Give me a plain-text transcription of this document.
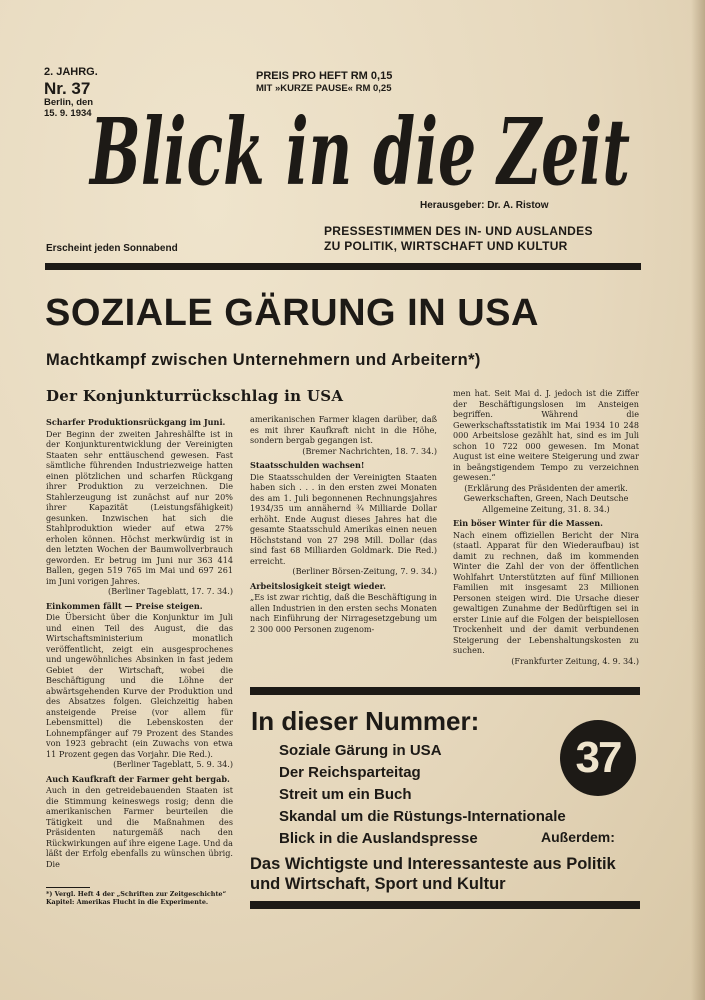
2. JAHRG.
Nr. 37
Berlin, den
15. 9. 1934
PREIS PRO HEFT RM 0,15
MIT »KURZE PAUSE« RM 0,25
Blick in die Zeit
Herausgeber: Dr. A. Ristow
PRESSESTIMMEN DES IN- UND AUSLANDES
ZU POLITIK, WIRTSCHAFT UND KULTUR
Erscheint jeden Sonnabend
SOZIALE GÄRUNG IN USA
Machtkampf zwischen Unternehmern und Arbeitern*)
Der Konjunkturrückschlag in USA

Scharfer Produktionsrückgang im Juni.

Der Beginn der zweiten Jahreshälfte ist in der Konjunkturentwicklung der Vereinigten Staaten sehr enttäuschend gewesen. Fast sämtliche führenden Industriezweige hatten einen plötzlichen und scharfen Rückgang ihrer Produktion zu verzeichnen. Die Stahlerzeugung ist zunächst auf nur 20% ihrer Kapazität (Leistungsfähigkeit) gesunken. Inzwischen hat sich die Stahlproduktion wieder auf etwa 27% erholen können. Höchst merkwürdig ist in den letzten Wochen der Baumwollverbrauch geworden. Er betrug im Juni nur 363 414 Ballen, gegen 519 765 im Mai und 697 261 im Juni vorigen Jahres.

(Berliner Tageblatt, 17. 7. 34.)

Einkommen fällt — Preise steigen.

Die Übersicht über die Konjunktur im Juli und einen Teil des August, die das Wirtschaftsministerium monatlich veröffentlicht, zeigt ein ausgesprochenes und ungewöhnliches Absinken in fast jedem Gebiet der Wirtschaft, wobei die Beschäftigung und die Löhne der abwärtsgehenden Kurve der Produktion und des Absatzes folgen. Gleichzeitig haben ansteigende Preise (vor allem für Lebensmittel) die Lebenskosten der Lohnempfänger auf 79 Prozent des Standes von 1923 gebracht (ein Zuwachs von etwa 11 Prozent gegen das Vorjahr. Die Red.).

(Berliner Tageblatt, 5. 9. 34.)

Auch Kaufkraft der Farmer geht bergab.

Auch in den getreidebauenden Staaten ist die Stimmung keineswegs rosig; denn die amerikanischen Farmer beurteilen die Tätigkeit und die Maßnahmen des Präsidenten naturgemäß nach den Rückwirkungen auf ihre eigene Lage. Und da läßt der Erfolg ebenfalls zu wünschen übrig. Die

amerikanischen Farmer klagen darüber, daß es mit ihrer Kaufkraft nicht in die Höhe, sondern bergab gegangen ist.

(Bremer Nachrichten, 18. 7. 34.)

Staatsschulden wachsen!

Die Staatsschulden der Vereinigten Staaten haben sich . . . in den ersten zwei Monaten des am 1. Juli begonnenen Rechnungsjahres 1934/35 um annähernd ¾ Milliarde Dollar erhöht. Ende August dieses Jahres hat die gesamte Staatsschuld Amerikas einen neuen Höchststand von 27 298 Mill. Dollar (das sind fast 68 Milliarden Goldmark. Die Red.) erreicht.

(Berliner Börsen-Zeitung, 7. 9. 34.)

Arbeitslosigkeit steigt wieder.

„Es ist zwar richtig, daß die Beschäftigung in allen Industrien in den ersten sechs Monaten nach Einführung der Nirragesetzgebung um 2 300 000 Personen zugenom-

men hat. Seit Mai d. J. jedoch ist die Ziffer der Beschäftigungslosen im Ansteigen begriffen. Während die Gewerkschaftsstatistik im Mai 1934 10 248 000 Arbeitslose gezählt hat, sind es im Juli schon 10 722 000 gewesen. Im Monat August ist eine weitere Steigerung und zwar in beängstigendem Tempo zu verzeichnen gewesen.“

(Erklärung des Präsidenten der amerik. Gewerkschaften, Green, Nach Deutsche Allgemeine Zeitung, 31. 8. 34.)

Ein böser Winter für die Massen.

Nach einem offiziellen Bericht der Nira (staatl. Apparat für den Wiederaufbau) ist damit zu rechnen, daß im kommenden Winter die Zahl der von der öffentlichen Wohlfahrt Unterstützten auf fünf Millionen Familien mit insgesamt 23 Millionen Personen steigen wird. Die Ursache dieser gewaltigen Zunahme der Bedürftigen sei in erster Linie auf die Folgen der beispiellosen Trockenheit und der damit verbundenen Steigerung der Lebenshaltungskosten zu suchen.

(Frankfurter Zeitung, 4. 9. 34.)

*) Vergl. Heft 4 der „Schriften zur Zeitgeschichte“ Kapitel: Amerikas Flucht in die Experimente.
In dieser Nummer:
Soziale Gärung in USA
Der Reichsparteitag
Streit um ein Buch
Skandal um die Rüstungs-Internationale
Blick in die Auslandspresse
37
Außerdem:
Das Wichtigste und Interessanteste aus Politik und Wirtschaft, Sport und Kultur
